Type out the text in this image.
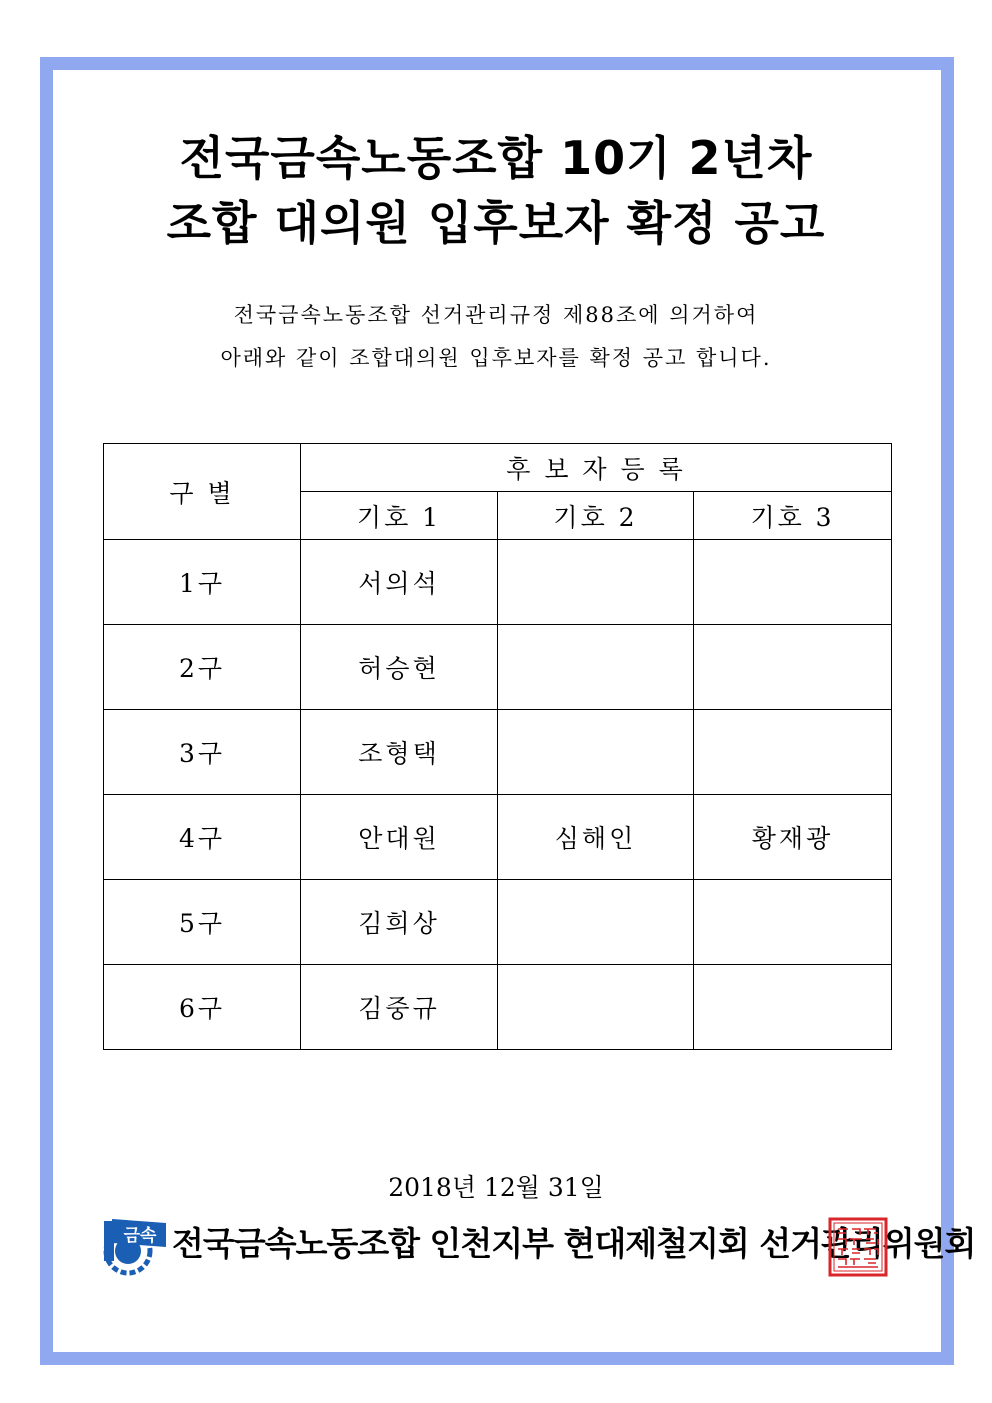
전국금속노동조합 10기 2년차
조합 대의원 입후보자 확정 공고
전국금속노동조합 선거관리규정 제88조에 의거하여
아래와 같이 조합대의원 입후보자를 확정 공고 합니다.
구 별	후 보 자 등 록		
	기호 1	기호 2	기호 3
1구	서의석		
2구	허승현		
3구	조형택		
4구	안대원	심해인	황재광
5구	김희상		
6구	김중규		
2018년 12월 31일
금속 전국금속노동조합 인천지부 현대제철지회 선거관리위원회
